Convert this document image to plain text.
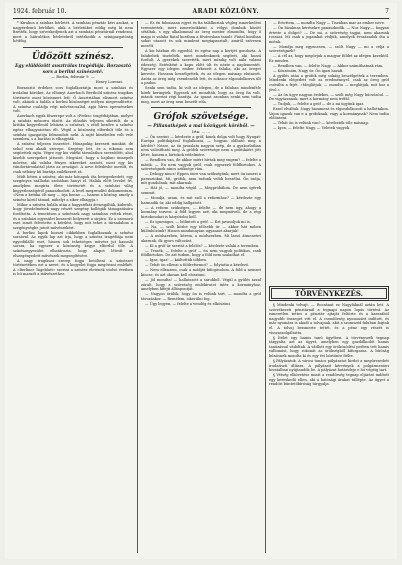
1924. február 10.	ARADI KÖZLÖNY.	7

* Kiraboa a szinhaz bérletét. A szinházi pénztár kéri azokat, a nagyérdemű bérlőket, akik a bérletüket eddig még ki nem fizették, hogy szíveskedjenek azt a szinházi pénztárnál rendezni, mert a hátralékos bérletekről intézkedik a színigazgatóság hétfőig.

Üdözött színész.
Egy elüldözött ausztrálas tragédiája. Borzasztó sors a berlini színészeté.
— Berlin, február 9. —
Henry Lorenzi.

Borzasztó érdekes sors foglalkoztatja most a színházi és irodalmi köröket. Az elhunyt Auerbach Berthold színész tragikus története most közismert lett. Ő Ausztriában elismert színész volt, akinek a halála a berlini közönséget mélyen megrendítette. A színész családja régi művészcsalád, apja híres operaénekes volt.

Auerbach egyik főszerepe volt a »Fedra« tragédiájában, melyet a színház műsorra tűzött. Az előadás teljesen sikerült, de a kritika kegyetlenül lehúzta a színészt, s ettől kezdve a színész egész elhagyatottan élt. Végül a közönség elfordult tőle és a színház igazgatója felmondott neki. A sajtó kíméletlen volt vele szemben, s a barátai is elhagyták.

A színész teljesen összetört. Hónapokig keresett munkát, de sehol sem akadt szerepe. Szegény lett, és a rokonai sem segítettek rajta. Végre egy kis vidéki társulathoz szerződött, ahol kisebb szerepeket játszott. Megrázó, hogy a hajdani ünnepelt művész, aki valaha fényes sikereket aratott, most egy kis vándortársulattal járta az országot. A neve feledésbe merült, és csak néhány hű barátja emlékezett rá.

Múlt héten a színész, aki már hónapok óta betegeskedett, egy szegényes szállodai szobában hunyt el. Halála előtt levelet írt, amelyben megírta élete történetét és a színházi világ kegyetlenségéről panaszkodott. A levél megrendítő dokumentum. »Nem a kritika ölt meg — írja benne —, hanem a közöny, amely a színész körül támad, mihelyt a siker elhagyja.«

Mikor a színész halála után a hagyatékát átvizsgálták, kiderült, hogy jövedelmének nagy részét szegény kollégák támogatására fordította. A temetésen a színészek nagy számban vettek részt, és a színházi egyesület koszorút helyezett a sírjára. Ez a szomorú eset ismét felvetette a kérdést, hogy mit tehet a társadalom a szegénységbe jutott művészekért.

A berlini lapok hosszú cikkekben foglalkoznak a színész sorsával. Az egyik lap azt írja, hogy a színész tragédiája nem egyedülálló eset, hiszen sok tehetséges művész jut hasonló sorsra, ha egyszer a közönség kegye elfordul tőle. A színészegyesület elhatározta, hogy alapot létesít az elszegényedett művészek megsegítésére.

A nagy tragikusi szerep fogja betölteni a színészet történetében ezt a nevet, és a kegyelet fogja megőrizni emlékét. A »Berliner Tageblatt« szerint a színész életének utolsó éveiben is hű maradt a művészethez.

— És én falusiasan egyet és fia találkoztak végleg ismerkedést teremtettek, mert ismerősökként a völgyi dombok között sétáltak, s egy alkalommal az öreg mester elmondta, hogy ő maga is valaha fiatal korában a fővárosban tanult. Fiatal korában sokat utazott és sok mindent megtapasztalt, amiről szívesen mesélt.

A kis házban élt egyedül, és egész nap a kertjét gondozta. A falubeliek tisztelték, mert mindenkinek segített, aki hozzá fordult. A gyerekek szerették, mert mindig volt nála valami édesség. Esténként a kapu előtt ült és nézte a naplementét. Egyszer egy idegen ember érkezett a faluba, aki az öreget kereste. Hosszan beszélgettek, és az idegen másnap elutazott. Azóta az öreg még csendesebb lett, és sokszor elgondolkozva ült a padon.

Senki sem tudta, ki volt az idegen, de a faluban mindenféle hírek keringtek. Egyesek azt mondták, hogy az öreg fia volt, mások szerint régi barátja. Az igazat azonban senki sem tudta meg, mert az öreg nem beszélt róla.

Grófok szövetsége.
— Pillanatképek a mai közügyek köréből. —
Irta: ... ...

— Ön szerint — kérdezte a gróf, kinek dolga volt hogy Nyugat-Európa politikájával foglalkozni, — hogyan oldható meg a kérdés? Nézze, az ön javaslata nagyon szép, de a gyakorlatban nem valósítható meg. A grófok szövetsége nem a politikáért jött létre, hanem a birtokok védelmére.

— Rendben van, de akkor miért hívtak meg engem? — felelte a másik. — Én nem vagyok gróf, csak egyszerű földbirtokos. A szövetségnek nincs szüksége rám.

— Dehogy nincs! Éppen önre van szükségünk, mert ön ismeri a parasztokat. Mi, grófok, nem tudunk velük beszélni. Ön tudja, mit gondolnak, mit akarnak.

— Hát jó, — mondta végül. — Megpróbálom. De nem ígérek semmit.

— Mondja, uram, és mit szól a reformhoz? — kérdezte egy harmadik úr, aki eddig hallgatott.

— A reform szükséges, — felelte — de nem úgy, ahogy a kormány tervezi. A föld legyen azé, aki megműveli, de a régi birtokosokat is kárpótolni kell.

— Ez igazságos, — bólintott a gróf. — Ezt javasoljuk mi is.

— Na, — szólt közbe egy idősebb úr — akkor hát miben különbözünk? Hiszen mindannyian ugyanazt akarjuk!

— A módszerben, kérem, a módszerben. Mi lassú átmenetet akarunk, ők gyors változást.

— Ki a gróf úr szerint a felelős? — kérdezte valaki a teremben.

— Tessék, — felelte a gróf — én nem vagyok politikus, csak földbirtokos. De azt tudom, hogy a föld nem szaladhat el.

— Igaz, igaz! — kiáltották többen.

— Tehát ön ellenzi a földreformot? — folytatta a kérdező.

— Nem ellenzem, csak a módját kifogásolom. A föld a nemzet kincse, és azt okosan kell elosztani.

— Jól mondta! — hallatszott a sarokból. Végül a gyűlés azzal zárult, hogy a szövetség emlékiratot intéz a kormányhoz, amelyben kifejti álláspontját.

— Nagyon örülök, hogy ön is velünk tart, — mondta a gróf távozáskor. — Remélem, sikerülni fog.

— Úgy legyen, — felelte a vendég és elköszönt.

— Értettem, — mondta Nagy — Tiszában mar az ember neve.

— Ön bizalmas kérésekre panaszkodik. — Nos Nagy — hogyan értette a dolgot? — De mi, a szövetség tagjai, nem akarunk rosszat. Mi csak a jogainkat védjük, amelyek évszázadok óta a miénk.

— Mondja meg egyenesen, — szólt Nagy — mi a célja a szövetségnek?

— A cél az, hogy megóvjuk a magyar földet az idegen kezektől. Ez minden.

— Rendben van, — felelte Nagy. — Akkor számíthatnak rám.

— Köszönöm, Nagy úr. Ön igazi hazafi.

A gyűlés után a grófok még sokáig beszélgettek a teremben. Mindenki elégedett volt az eredménnyel, csak az öreg gróf csóválta a fejét. »Meglátjuk, — mondta — meglátjuk, mit hoz a jövő.«

— Az ön ügye nagyon érdekes, — szólt még Nagy búcsúzóul. — De vigyázzanak, mert a kormány nem tréfál.

— Tudjuk, — felelte a gróf — de a mi ügyünk igaz.

Ezzel elváltak. Nagy hazament és elgondolkozott a hallottakon. Vajon igazuk van-e a grófoknak, vagy a kormánynak? Nem tudta eldönteni.

— Tehát ön is velünk van? — kérdezték tőle másnap.

— Igen, — felelte Nagy. — Veletek vagyok.

TÖRVÉNYKEZÉS.

§ Mindenki tolvajt. — Bocsánat ez Nagyláknál aztán lett. A szövetkezeti pénztárnál a tegnapi napon lopás történt. Az ismeretlen tettes a pénztár ajtaját feltörte és a kasszából nagyobb összeget vitt el. A csendőrség nyomozást indított, és már nyomára is akadt a tolvajnak, akit a szomszéd faluban fogtak el. A tolvaj beismerte tettét, és a pénz egy részét is visszaszolgáltatta.

§ Ítélet egy hamis tanú ügyében. A törvényszék tegnap tárgyalta azt az ügyet, amelyben egy gazdálkodót hamis tanúzással vádoltak. A vádlott egy örökösödési perben tett hamis vallomást, hogy rokonát az örökségből kiforgassa. A bíróság bűnösnek mondta ki és egy évi börtönre ítélte.

§ Pályázatok. A városi tanács pályázatot hirdet a megüresedett irodatiszti állásra. A pályázati kérvények a polgármesteri hivatalban nyújtandók be. A pályázat határideje e hó végéig tart.

§ Vétség elkövetése miatt a rendőrség tegnap eljárást indított egy kereskedő ellen, aki a hatósági árakat túllépte. Az ügyet a rendőri büntetőbíróság tárgyalja.
